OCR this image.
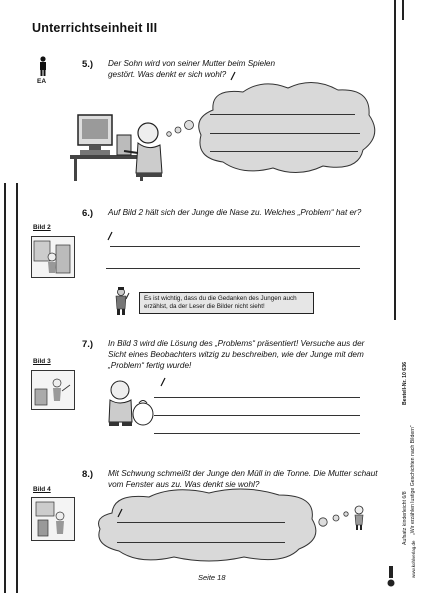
Unterrichtseinheit III
EA
5.) Der Sohn wird von seiner Mutter beim Spielen gestört. Was denkt er sich wohl?
6.) Auf Bild 2 hält sich der Junge die Nase zu. Welches „Problem“ hat er?
Bild 2
Es ist wichtig, dass du die Gedanken des Jungen auch erzählst, da der Leser die Bilder nicht sieht!
7.) In Bild 3 wird die Lösung des „Problems“ präsentiert! Versuche aus der Sicht eines Beobachters witzig zu beschreiben, wie der Junge mit dem „Problem“ fertig wurde!
Bild 3
8.) Mit Schwung schmeißt der Junge den Müll in die Tonne. Die Mutter schaut vom Fenster aus zu. Was denkt sie wohl?
Bild 4
Bestell-Nr. 10 636
„Wir erzählen lustige Geschichten nach Bildern“
Aufsatz kinderleicht 6/8
www.kohlverlag.de
Seite 18
